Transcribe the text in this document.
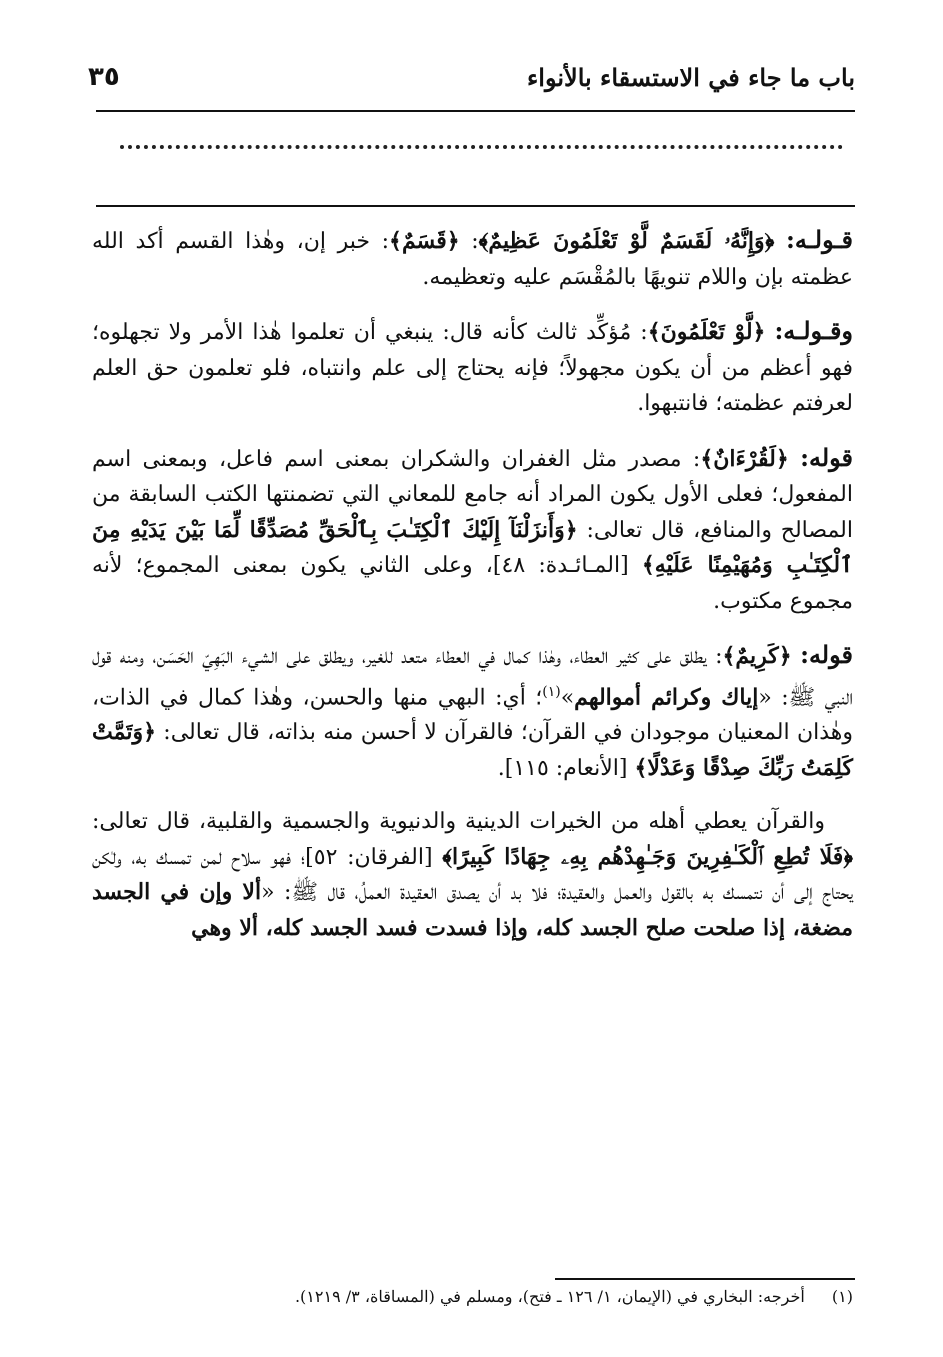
باب ما جاء في الاستسقاء بالأنواء
٣٥

قـولـه: ﴿وَإِنَّهُۥ لَقَسَمٌ لَّوْ تَعْلَمُونَ عَظِيمٌ﴾: ﴿قَسَمٌ﴾: خبر إن، وهٰذا القسم أكد الله عظمته بإن واللام تنويهًا بالمُقْسَم عليه وتعظيمه.

وقـولـه: ﴿لَّوْ تَعْلَمُونَ﴾: مُؤكِّد ثالث كأنه قال: ينبغي أن تعلموا هٰذا الأمر ولا تجهلوه؛ فهو أعظم من أن يكون مجهولاً؛ فإنه يحتاج إلى علم وانتباه، فلو تعلمون حق العلم لعرفتم عظمته؛ فانتبهوا.

قوله: ﴿لَقُرْءَانٌ﴾: مصدر مثل الغفران والشكران بمعنى اسم فاعل، وبمعنى اسم المفعول؛ فعلى الأول يكون المراد أنه جامع للمعاني التي تضمنتها الكتب السابقة من المصالح والمنافع، قال تعالى: ﴿وَأَنزَلْنَآ إِلَيْكَ ٱلْكِتَـٰبَ بِٱلْحَقِّ مُصَدِّقًا لِّمَا بَيْنَ يَدَيْهِ مِنَ ٱلْكِتَـٰبِ وَمُهَيْمِنًا عَلَيْهِ﴾ [المـائـدة: ٤٨]، وعلى الثاني يكون بمعنى المجموع؛ لأنه مجموع مكتوب.

قوله: ﴿كَرِيمٌ﴾: يطلق على كثير العطاء، وهٰذا كمال في العطاء متعد للغير، ويطلق على الشيء البَهِيّ الحَسَن، ومنه قول النبي ﷺ: «إياك وكرائم أموالهم»$^{(١)}$؛ أي: البهي منها والحسن، وهٰذا كمال في الذات، وهٰذان المعنيان موجودان في القرآن؛ فالقرآن لا أحسن منه بذاته، قال تعالى: ﴿وَتَمَّتْ كَلِمَتُ رَبِّكَ صِدْقًا وَعَدْلًا﴾ [الأنعام: ١١٥].

والقرآن يعطي أهله من الخيرات الدينية والدنيوية والجسمية والقلبية، قال تعالى: ﴿فَلَا تُطِعِ ٱلْكَـٰفِرِينَ وَجَـٰهِدْهُم بِهِۦ جِهَادًا كَبِيرًا﴾ [الفرقان: ٥٢]؛ فهو سلاح لمن تمسك به، ولٰكن يحتاج إلى أن نتمسك به بالقول والعمل والعقيدة؛ فلا بد أن يصدق العقيدة العملُ، قال ﷺ: «ألا وإن في الجسد مضغة، إذا صلحت صلح الجسد كله، وإذا فسدت فسد الجسد كله، ألا وهي

(١) أخرجه: البخاري في (الإيمان، ١/ ١٢٦ ـ فتح)، ومسلم في (المساقاة، ٣/ ١٢١٩).
